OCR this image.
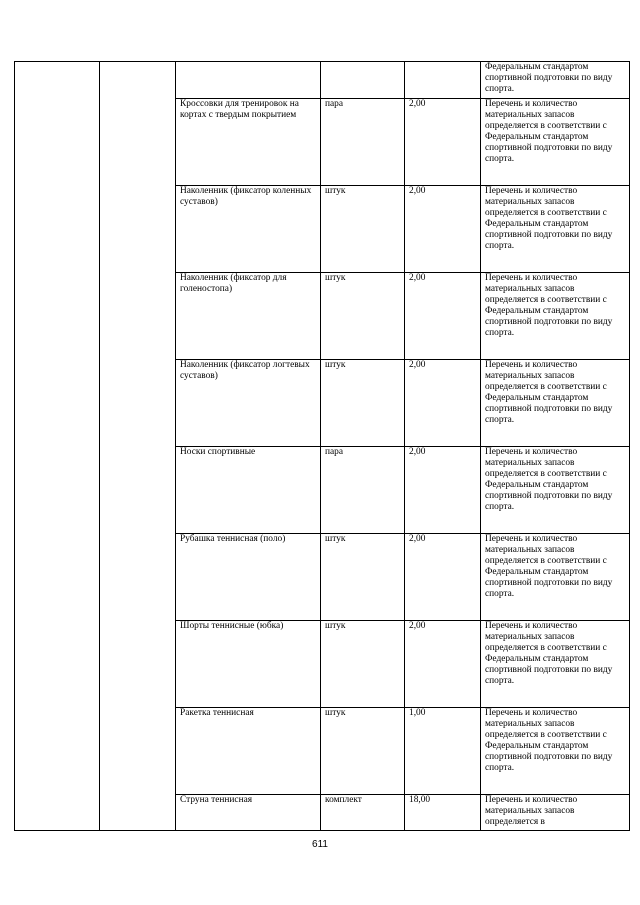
					Федеральным стандартом спортивной подготовки по виду спорта.

		Кроссовки для тренировок на кортах с твердым покрытием	пара	2,00	Перечень и количество материальных запасов определяется в соответствии с Федеральным стандартом спортивной подготовки по виду спорта.

		Наколенник (фиксатор коленных суставов)	штук	2,00	Перечень и количество материальных запасов определяется в соответствии с Федеральным стандартом спортивной подготовки по виду спорта.

		Наколенник (фиксатор для голеностопа)	штук	2,00	Перечень и количество материальных запасов определяется в соответствии с Федеральным стандартом спортивной подготовки по виду спорта.

		Наколенник (фиксатор логтевых суставов)	штук	2,00	Перечень и количество материальных запасов определяется в соответствии с Федеральным стандартом спортивной подготовки по виду спорта.

		Носки спортивные	пара	2,00	Перечень и количество материальных запасов определяется в соответствии с Федеральным стандартом спортивной подготовки по виду спорта.

		Рубашка теннисная (поло)	штук	2,00	Перечень и количество материальных запасов определяется в соответствии с Федеральным стандартом спортивной подготовки по виду спорта.

		Шорты теннисные (юбка)	штук	2,00	Перечень и количество материальных запасов определяется в соответствии с Федеральным стандартом спортивной подготовки по виду спорта.

		Ракетка теннисная	штук	1,00	Перечень и количество материальных запасов определяется в соответствии с Федеральным стандартом спортивной подготовки по виду спорта.

		Струна теннисная	комплект	18,00	Перечень и количество материальных запасов определяется в
611
